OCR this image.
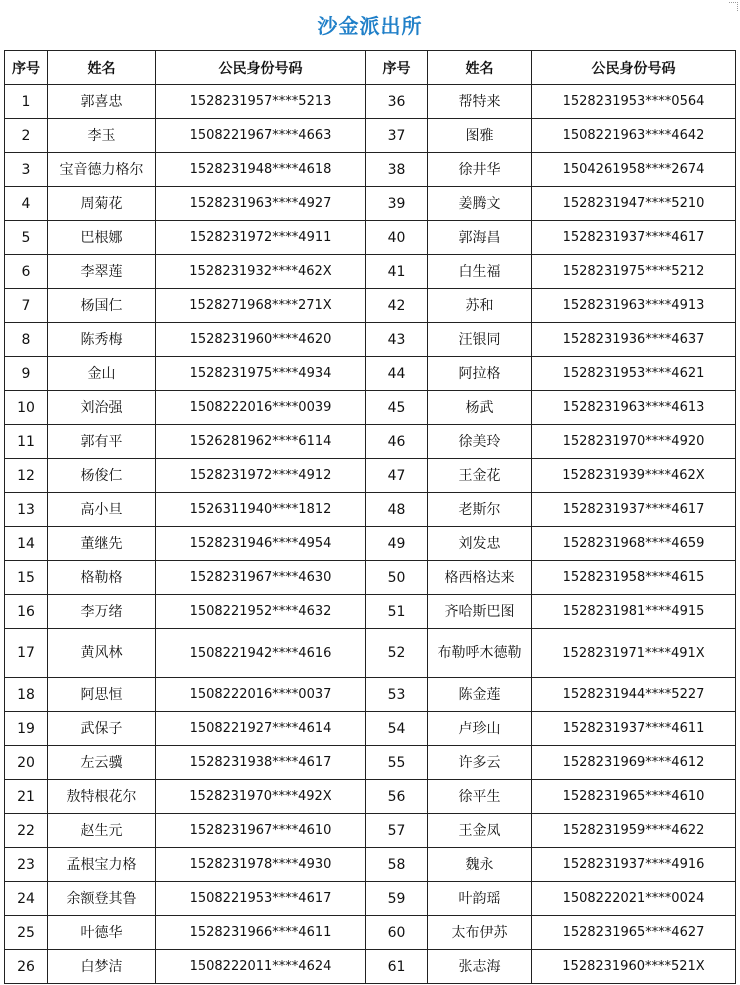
沙金派出所
序号	姓名	公民身份号码	序号	姓名	公民身份号码
1	郭喜忠	1528231957****5213	36	帮特来	1528231953****0564
2	李玉	1508221967****4663	37	图雅	1508221963****4642
3	宝音德力格尔	1528231948****4618	38	徐井华	1504261958****2674
4	周菊花	1528231963****4927	39	姜腾文	1528231947****5210
5	巴根娜	1528231972****4911	40	郭海昌	1528231937****4617
6	李翠莲	1528231932****462X	41	白生福	1528231975****5212
7	杨国仁	1528271968****271X	42	苏和	1528231963****4913
8	陈秀梅	1528231960****4620	43	汪银同	1528231936****4637
9	金山	1528231975****4934	44	阿拉格	1528231953****4621
10	刘治强	1508222016****0039	45	杨武	1528231963****4613
11	郭有平	1526281962****6114	46	徐美玲	1528231970****4920
12	杨俊仁	1528231972****4912	47	王金花	1528231939****462X
13	高小旦	1526311940****1812	48	老斯尔	1528231937****4617
14	董继先	1528231946****4954	49	刘发忠	1528231968****4659
15	格勒格	1528231967****4630	50	格西格达来	1528231958****4615
16	李万绪	1508221952****4632	51	齐哈斯巴图	1528231981****4915
17	黄风林	1508221942****4616	52	布勒呼木德勒	1528231971****491X
18	阿思恒	1508222016****0037	53	陈金莲	1528231944****5227
19	武保子	1508221927****4614	54	卢珍山	1528231937****4611
20	左云骥	1528231938****4617	55	许多云	1528231969****4612
21	敖特根花尔	1528231970****492X	56	徐平生	1528231965****4610
22	赵生元	1528231967****4610	57	王金凤	1528231959****4622
23	孟根宝力格	1528231978****4930	58	魏永	1528231937****4916
24	余额登其鲁	1508221953****4617	59	叶韵瑶	1508222021****0024
25	叶德华	1528231966****4611	60	太布伊苏	1528231965****4627
26	白梦洁	1508222011****4624	61	张志海	1528231960****521X
